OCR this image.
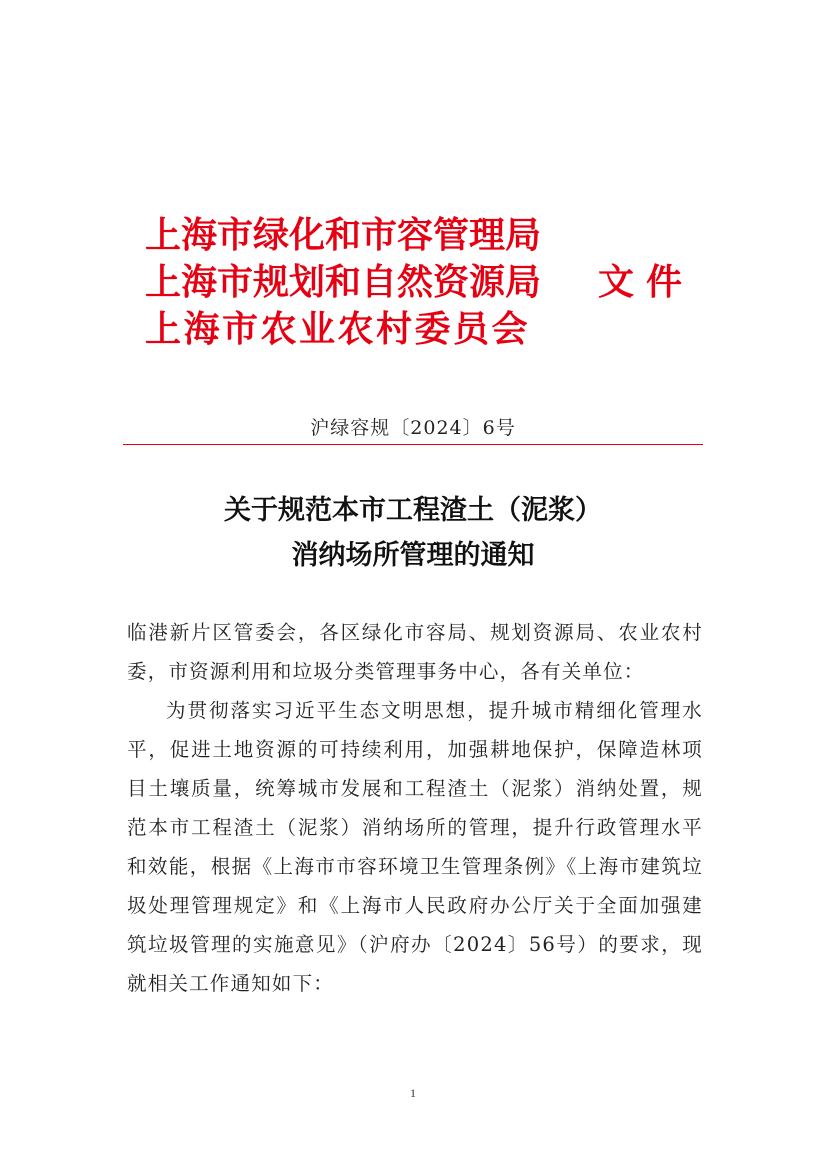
上海市绿化和市容管理局
上海市规划和自然资源局
上海市农业农村委员会
文件
沪绿容规〔2024〕6号
关于规范本市工程渣土（泥浆）
消纳场所管理的通知

临港新片区管委会，各区绿化市容局、规划资源局、农业农村委，市资源利用和垃圾分类管理事务中心，各有关单位：

为贯彻落实习近平生态文明思想，提升城市精细化管理水平，促进土地资源的可持续利用，加强耕地保护，保障造林项目土壤质量，统筹城市发展和工程渣土（泥浆）消纳处置，规范本市工程渣土（泥浆）消纳场所的管理，提升行政管理水平和效能，根据《上海市市容环境卫生管理条例》《上海市建筑垃圾处理管理规定》和《上海市人民政府办公厅关于全面加强建筑垃圾管理的实施意见》（沪府办〔2024〕56号）的要求，现就相关工作通知如下：

1
